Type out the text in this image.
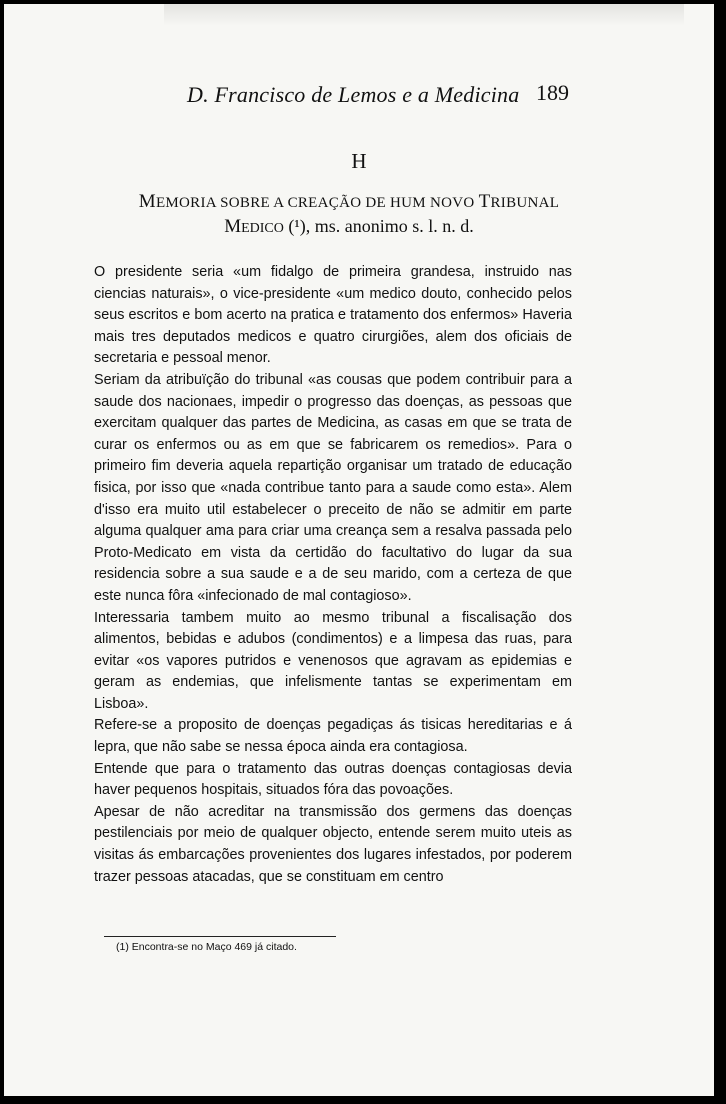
D. Francisco de Lemos e a Medicina 189
H
MEMORIA SOBRE A CREAÇÃO DE HUM NOVO TRIBUNAL
MEDICO (¹), ms. anonimo s. l. n. d.

O presidente seria «um fidalgo de primeira grandesa, instruido nas ciencias naturais», o vice-presidente «um medico douto, conhecido pelos seus escritos e bom acerto na pratica e tratamento dos enfermos» Haveria mais tres deputados medicos e quatro cirurgiões, alem dos oficiais de secretaria e pessoal menor.

Seriam da atribuïção do tribunal «as cousas que podem contribuir para a saude dos nacionaes, impedir o progresso das doenças, as pessoas que exercitam qualquer das partes de Medicina, as casas em que se trata de curar os enfermos ou as em que se fabricarem os remedios». Para o primeiro fim deveria aquela repartição organisar um tratado de educação fisica, por isso que «nada contribue tanto para a saude como esta». Alem d'isso era muito util estabelecer o preceito de não se admitir em parte alguma qualquer ama para criar uma creança sem a resalva passada pelo Proto-Medicato em vista da certidão do facultativo do lugar da sua residencia sobre a sua saude e a de seu marido, com a certeza de que este nunca fôra «infecionado de mal contagioso».

Interessaria tambem muito ao mesmo tribunal a fiscalisação dos alimentos, bebidas e adubos (condimentos) e a limpesa das ruas, para evitar «os vapores putridos e venenosos que agravam as epidemias e geram as endemias, que infelismente tantas se experimentam em Lisboa».

Refere-se a proposito de doenças pegadiças ás tisicas hereditarias e á lepra, que não sabe se nessa época ainda era contagiosa.

Entende que para o tratamento das outras doenças contagiosas devia haver pequenos hospitais, situados fóra das povoações.

Apesar de não acreditar na transmissão dos germens das doenças pestilenciais por meio de qualquer objecto, entende serem muito uteis as visitas ás embarcações provenientes dos lugares infestados, por poderem trazer pessoas atacadas, que se constituam em centro

(1) Encontra-se no Maço 469 já citado.
